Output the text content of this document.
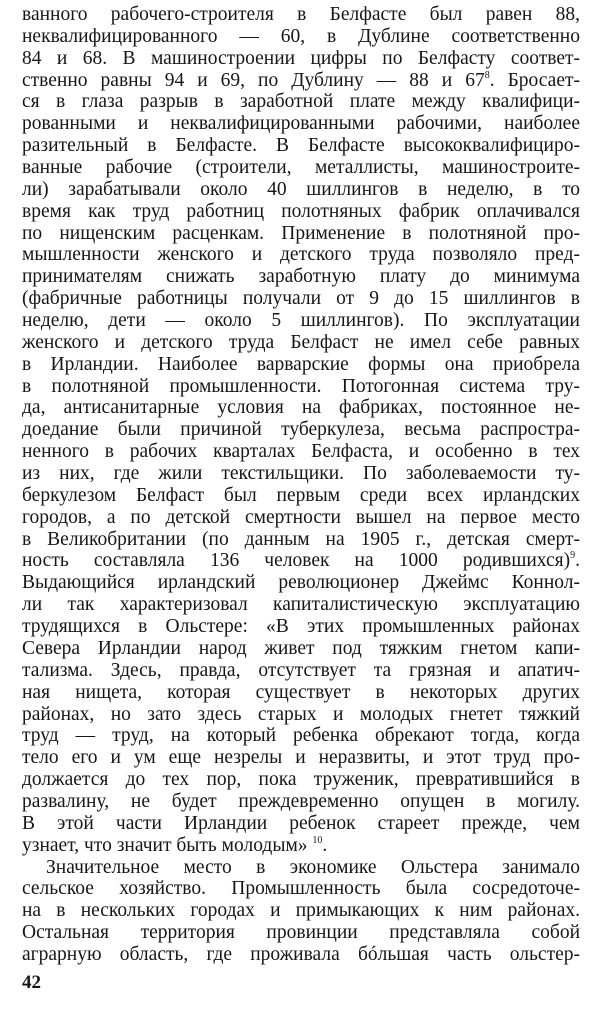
ванного рабочего-строителя в Белфасте был равен 88,
неквалифицированного — 60, в Дублине соответственно
84 и 68. В машиностроении цифры по Белфасту соответ-
ственно равны 94 и 69, по Дублину — 88 и $67^8$. Бросает-
ся в глаза разрыв в заработной плате между квалифици-
рованными и неквалифицированными рабочими, наиболее
разительный в Белфасте. В Белфасте высококвалифициро-
ванные рабочие (строители, металлисты, машиностроите-
ли) зарабатывали около 40 шиллингов в неделю, в то
время как труд работниц полотняных фабрик оплачивался
по нищенским расценкам. Применение в полотняной про-
мышленности женского и детского труда позволяло пред-
принимателям снижать заработную плату до минимума
(фабричные работницы получали от 9 до 15 шиллингов в
неделю, дети — около 5 шиллингов). По эксплуатации
женского и детского труда Белфаст не имел себе равных
в Ирландии. Наиболее варварские формы она приобрела
в полотняной промышленности. Потогонная система тру-
да, антисанитарные условия на фабриках, постоянное не-
доедание были причиной туберкулеза, весьма распростра-
ненного в рабочих кварталах Белфаста, и особенно в тех
из них, где жили текстильщики. По заболеваемости ту-
беркулезом Белфаст был первым среди всех ирландских
городов, а по детской смертности вышел на первое место
в Великобритании (по данным на 1905 г., детская смерт-
ность составляла 136 человек на 1000 родившихся)$^9$.
Выдающийся ирландский революционер Джеймс Коннол-
ли так характеризовал капиталистическую эксплуатацию
трудящихся в Ольстере: «В этих промышленных районах
Севера Ирландии народ живет под тяжким гнетом капи-
тализма. Здесь, правда, отсутствует та грязная и апатич-
ная нищета, которая существует в некоторых других
районах, но зато здесь старых и молодых гнетет тяжкий
труд — труд, на который ребенка обрекают тогда, когда
тело его и ум еще незрелы и неразвиты, и этот труд про-
должается до тех пор, пока труженик, превратившийся в
развалину, не будет преждевременно опущен в могилу.
В этой части Ирландии ребенок стареет прежде, чем
узнает, что значит быть молодым» $^{10}$.
Значительное место в экономике Ольстера занимало
сельское хозяйство. Промышленность была сосредоточе-
на в нескольких городах и примыкающих к ним районах.
Остальная территория провинции представляла собой
аграрную область, где проживала бóльшая часть ольстер-
42
